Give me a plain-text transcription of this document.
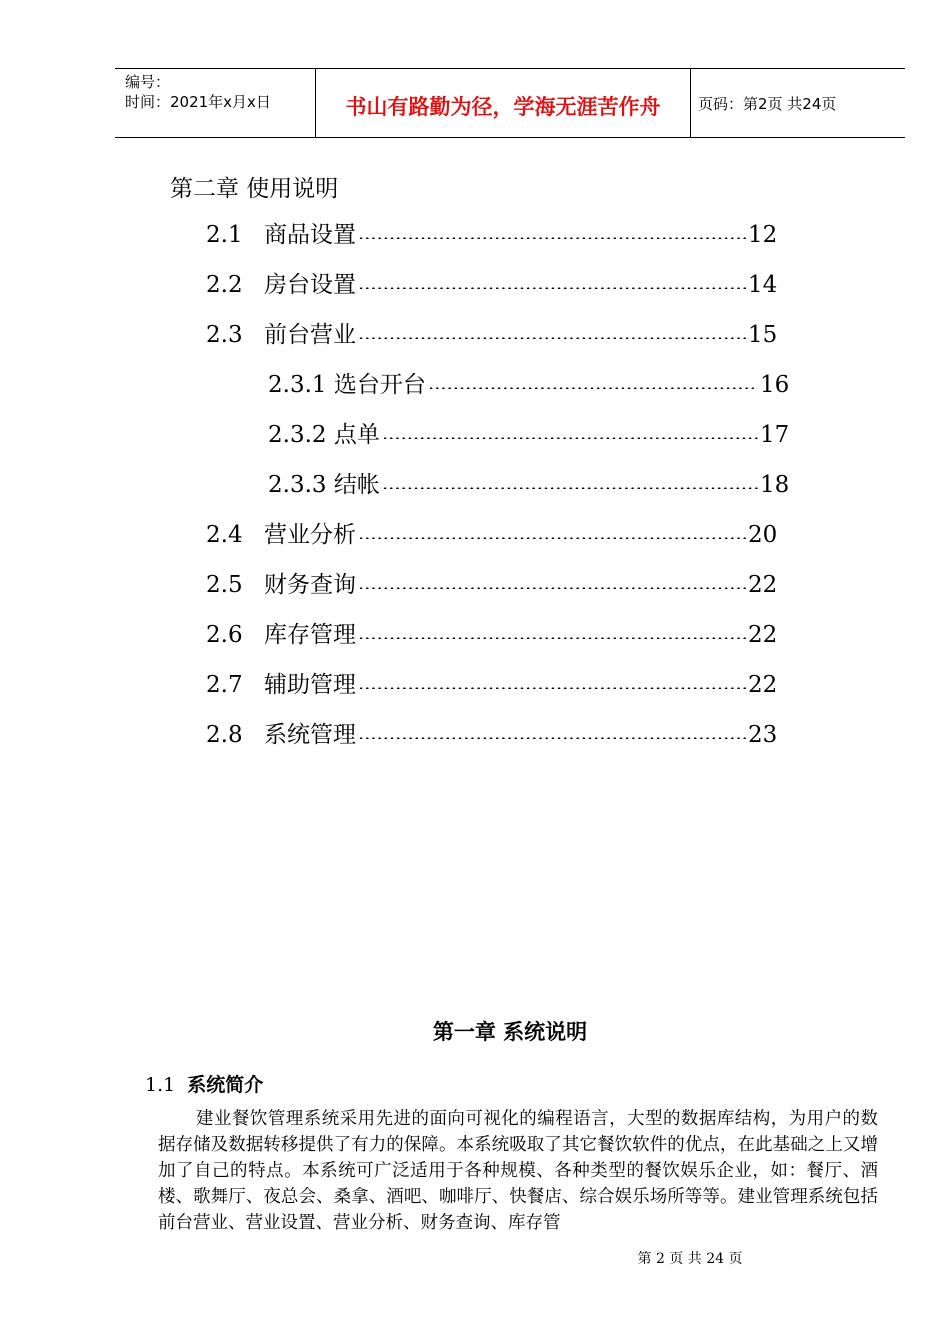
编号：
时间：2021年x月x日	书山有路勤为径，学海无涯苦作舟	页码：第2页 共24页
第二章 使用说明
2.1 商品设置	12
2.2 房台设置	14
2.3 前台营业	15
2.3.1 选台开台	16
2.3.2 点单	17
2.3.3 结帐	18
2.4 营业分析	20
2.5 财务查询	22
2.6 库存管理	22
2.7 辅助管理	22
2.8 系统管理	23
第一章 系统说明
1.1 系统简介
建业餐饮管理系统采用先进的面向可视化的编程语言，大型的数据库结构，为用户的数据存储及数据转移提供了有力的保障。本系统吸取了其它餐饮软件的优点，在此基础之上又增加了自己的特点。本系统可广泛适用于各种规模、各种类型的餐饮娱乐企业，如：餐厅、酒楼、歌舞厅、夜总会、桑拿、酒吧、咖啡厅、快餐店、综合娱乐场所等等。建业管理系统包括前台营业、营业设置、营业分析、财务查询、库存管
第 2 页 共 24 页
